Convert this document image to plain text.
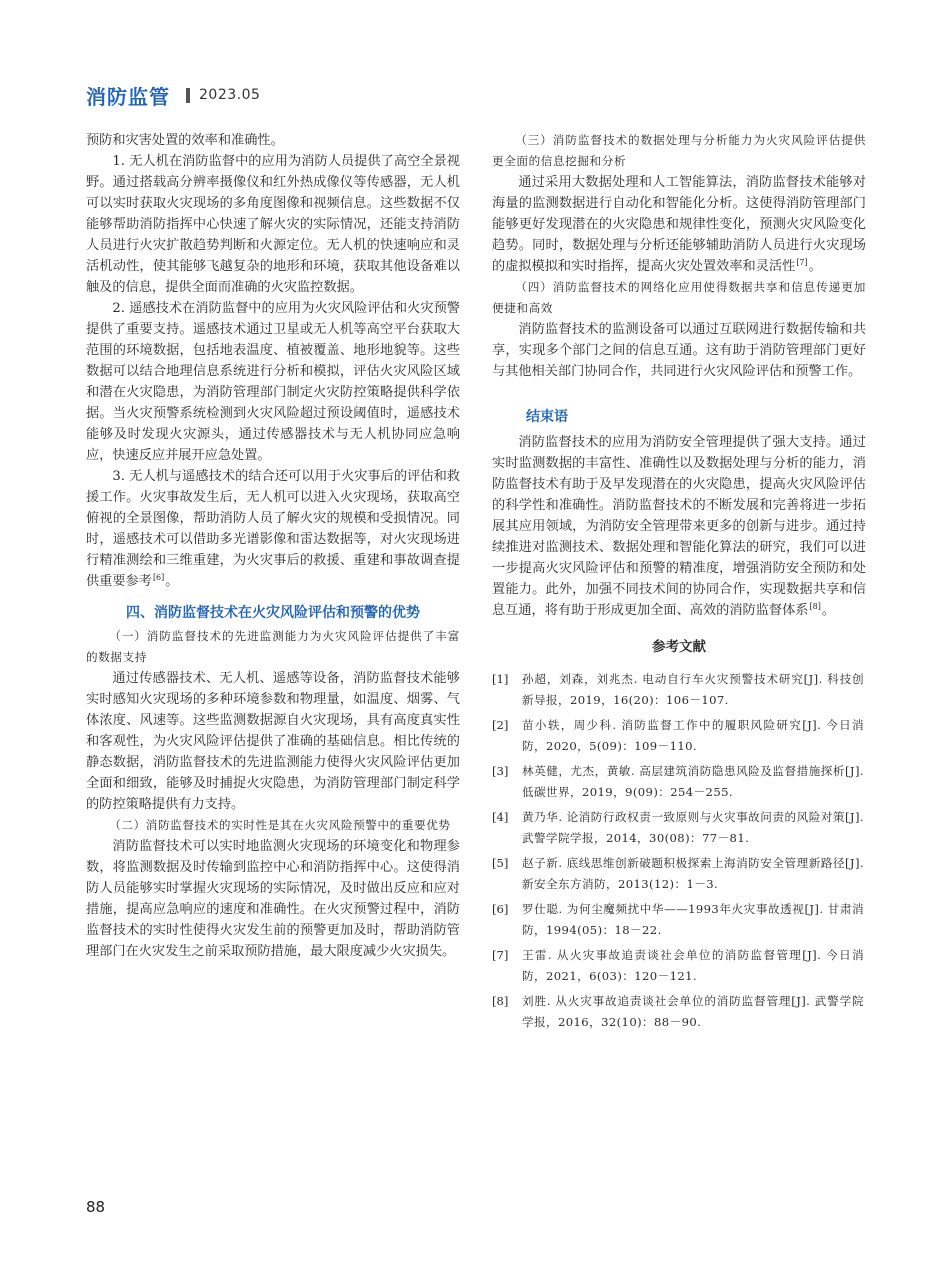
消防监管 2023.05

预防和灾害处置的效率和准确性。

1. 无人机在消防监督中的应用为消防人员提供了高空全景视野。通过搭载高分辨率摄像仪和红外热成像仪等传感器，无人机可以实时获取火灾现场的多角度图像和视频信息。这些数据不仅能够帮助消防指挥中心快速了解火灾的实际情况，还能支持消防人员进行火灾扩散趋势判断和火源定位。无人机的快速响应和灵活机动性，使其能够飞越复杂的地形和环境，获取其他设备难以触及的信息，提供全面而准确的火灾监控数据。

2. 遥感技术在消防监督中的应用为火灾风险评估和火灾预警提供了重要支持。遥感技术通过卫星或无人机等高空平台获取大范围的环境数据，包括地表温度、植被覆盖、地形地貌等。这些数据可以结合地理信息系统进行分析和模拟，评估火灾风险区域和潜在火灾隐患，为消防管理部门制定火灾防控策略提供科学依据。当火灾预警系统检测到火灾风险超过预设阈值时，遥感技术能够及时发现火灾源头，通过传感器技术与无人机协同应急响应，快速反应并展开应急处置。

3. 无人机与遥感技术的结合还可以用于火灾事后的评估和救援工作。火灾事故发生后，无人机可以进入火灾现场，获取高空俯视的全景图像，帮助消防人员了解火灾的规模和受损情况。同时，遥感技术可以借助多光谱影像和雷达数据等，对火灾现场进行精准测绘和三维重建，为火灾事后的救援、重建和事故调查提供重要参考[6]。

四、消防监督技术在火灾风险评估和预警的优势

（一）消防监督技术的先进监测能力为火灾风险评估提供了丰富的数据支持

通过传感器技术、无人机、遥感等设备，消防监督技术能够实时感知火灾现场的多种环境参数和物理量，如温度、烟雾、气体浓度、风速等。这些监测数据源自火灾现场，具有高度真实性和客观性，为火灾风险评估提供了准确的基础信息。相比传统的静态数据，消防监督技术的先进监测能力使得火灾风险评估更加全面和细致，能够及时捕捉火灾隐患，为消防管理部门制定科学的防控策略提供有力支持。

（二）消防监督技术的实时性是其在火灾风险预警中的重要优势

消防监督技术可以实时地监测火灾现场的环境变化和物理参数，将监测数据及时传输到监控中心和消防指挥中心。这使得消防人员能够实时掌握火灾现场的实际情况，及时做出反应和应对措施，提高应急响应的速度和准确性。在火灾预警过程中，消防监督技术的实时性使得火灾发生前的预警更加及时，帮助消防管理部门在火灾发生之前采取预防措施，最大限度减少火灾损失。

（三）消防监督技术的数据处理与分析能力为火灾风险评估提供更全面的信息挖掘和分析

通过采用大数据处理和人工智能算法，消防监督技术能够对海量的监测数据进行自动化和智能化分析。这使得消防管理部门能够更好发现潜在的火灾隐患和规律性变化，预测火灾风险变化趋势。同时，数据处理与分析还能够辅助消防人员进行火灾现场的虚拟模拟和实时指挥，提高火灾处置效率和灵活性[7]。

（四）消防监督技术的网络化应用使得数据共享和信息传递更加便捷和高效

消防监督技术的监测设备可以通过互联网进行数据传输和共享，实现多个部门之间的信息互通。这有助于消防管理部门更好与其他相关部门协同合作，共同进行火灾风险评估和预警工作。

结束语

消防监督技术的应用为消防安全管理提供了强大支持。通过实时监测数据的丰富性、准确性以及数据处理与分析的能力，消防监督技术有助于及早发现潜在的火灾隐患，提高火灾风险评估的科学性和准确性。消防监督技术的不断发展和完善将进一步拓展其应用领域，为消防安全管理带来更多的创新与进步。通过持续推进对监测技术、数据处理和智能化算法的研究，我们可以进一步提高火灾风险评估和预警的精准度，增强消防安全预防和处置能力。此外，加强不同技术间的协同合作，实现数据共享和信息互通，将有助于形成更加全面、高效的消防监督体系[8]。

参考文献
[1]	孙超，刘森，刘兆杰. 电动自行车火灾预警技术研究[J]. 科技创新导报，2019，16(20)：106－107.
[2]	苗小轶，周少科. 消防监督工作中的履职风险研究[J]. 今日消防，2020，5(09)：109－110.
[3]	林英健，尤杰，黄敏. 高层建筑消防隐患风险及监督措施探析[J]. 低碳世界，2019，9(09)：254－255.
[4]	黄乃华. 论消防行政权责一致原则与火灾事故问责的风险对策[J]. 武警学院学报，2014，30(08)：77－81.
[5]	赵子新. 底线思维创新破题积极探索上海消防安全管理新路径[J]. 新安全东方消防，2013(12)：1－3.
[6]	罗仕聪. 为何尘魔频扰中华——1993年火灾事故透视[J]. 甘肃消防，1994(05)：18－22.
[7]	王雷. 从火灾事故追责谈社会单位的消防监督管理[J]. 今日消防，2021，6(03)：120－121.
[8]	刘胜. 从火灾事故追责谈社会单位的消防监督管理[J]. 武警学院学报，2016，32(10)：88－90.
88
